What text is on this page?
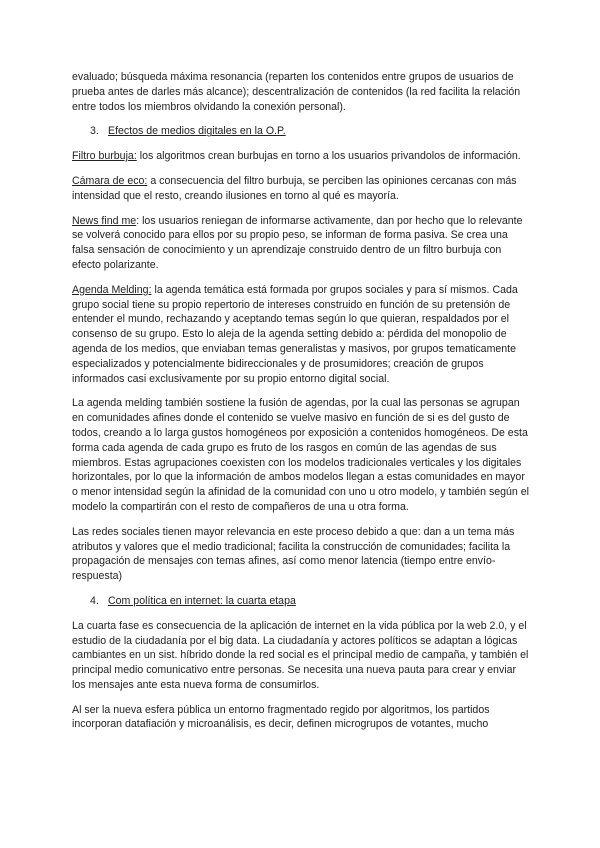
evaluado; búsqueda máxima resonancia (reparten los contenidos entre grupos de usuarios de prueba antes de darles más alcance); descentralización de contenidos (la red facilita la relación entre todos los miembros olvidando la conexión personal).

3. Efectos de medios digitales en la O.P.

Filtro burbuja: los algoritmos crean burbujas en torno a los usuarios privandolos de información.

Cámara de eco: a consecuencia del filtro burbuja, se perciben las opiniones cercanas con más intensidad que el resto, creando ilusiones en torno al qué es mayoría.

News find me: los usuarios reniegan de informarse activamente, dan por hecho que lo relevante se volverá conocido para ellos por su propio peso, se informan de forma pasiva. Se crea una falsa sensación de conocimiento y un aprendizaje construido dentro de un filtro burbuja con efecto polarizante.

Agenda Melding: la agenda temática está formada por grupos sociales y para sí mismos. Cada grupo social tiene su propio repertorio de intereses construido en función de su pretensión de entender el mundo, rechazando y aceptando temas según lo que quieran, respaldados por el consenso de su grupo. Esto lo aleja de la agenda setting debido a: pérdida del monopolio de agenda de los medios, que enviaban temas generalistas y masivos, por grupos tematicamente especializados y potencialmente bidireccionales y de prosumidores; creación de grupos informados casi exclusivamente por su propio entorno digital social.

La agenda melding también sostiene la fusión de agendas, por la cual las personas se agrupan en comunidades afines donde el contenido se vuelve masivo en función de si es del gusto de todos, creando a lo larga gustos homogéneos por exposición a contenidos homogéneos. De esta forma cada agenda de cada grupo es fruto de los rasgos en común de las agendas de sus miembros. Estas agrupaciones coexisten con los modelos tradicionales verticales y los digitales horizontales, por lo que la información de ambos modelos llegan a estas comunidades en mayor o menor intensidad según la afinidad de la comunidad con uno u otro modelo, y también según el modelo la compartirán con el resto de compañeros de una u otra forma.

Las redes sociales tienen mayor relevancia en este proceso debido a que: dan a un tema más atributos y valores que el medio tradicional; facilita la construcción de comunidades; facilita la propagación de mensajes con temas afines, así como menor latencia (tiempo entre envío-respuesta)

4. Com política en internet: la cuarta etapa

La cuarta fase es consecuencia de la aplicación de internet en la vida pública por la web 2.0, y el estudio de la ciudadanía por el big data. La ciudadanía y actores políticos se adaptan a lógicas cambiantes en un sist. híbrido donde la red social es el principal medio de campaña, y también el principal medio comunicativo entre personas. Se necesita una nueva pauta para crear y enviar los mensajes ante esta nueva forma de consumirlos.

Al ser la nueva esfera pública un entorno fragmentado regido por algoritmos, los partidos incorporan datafiación y microanálisis, es decir, definen microgrupos de votantes, mucho
